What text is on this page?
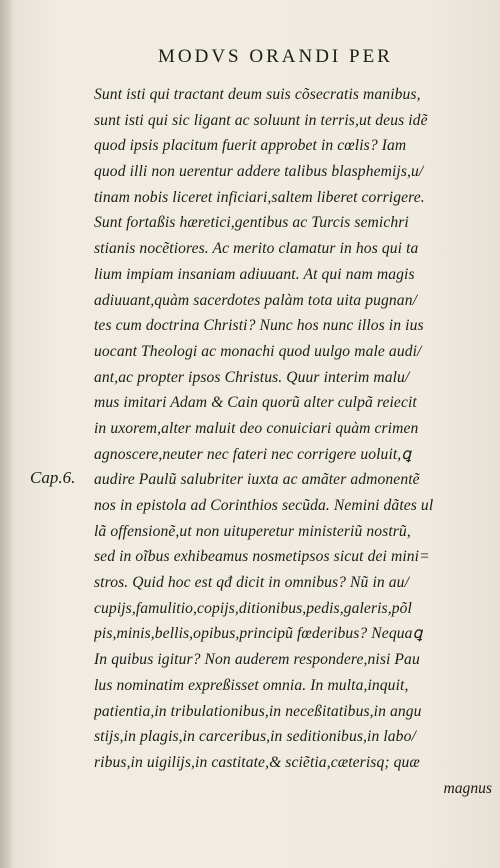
MODVS ORANDI PER
Cap.6.
Sunt isti qui tractant deum suis cõsecratis manibus,
sunt isti qui sic ligant ac soluunt in terris,ut deus idẽ
quod ipsis placitum fuerit approbet in cœlis? Iam
quod illi non uerentur addere talibus blasphemijs,u/
tinam nobis liceret inficiari,saltem liberet corrigere.
Sunt fortaßis hæretici,gentibus ac Turcis semichri
stianis nocẽtiores. Ac merito clamatur in hos qui ta
lium impiam insaniam adiuuant. At qui nam magis
adiuuant,quàm sacerdotes palàm tota uita pugnan/
tes cum doctrina Christi? Nunc hos nunc illos in ius
uocant Theologi ac monachi quod uulgo male audi/
ant,ac propter ipsos Christus. Quur interim malu/
mus imitari Adam & Cain quorũ alter culpã reiecit
in uxorem,alter maluit deo conuiciari quàm crimen
agnoscere,neuter nec fateri nec corrigere uoluit,ꝗ
audire Paulũ salubriter iuxta ac amãter admonentẽ
nos in epistola ad Corinthios secũda. Nemini dãtes ul
lã offensionẽ,ut non uituperetur ministeriũ nostrũ,
sed in oĩbus exhibeamus nosmetipsos sicut dei mini=
stros. Quid hoc est qđ dicit in omnibus? Nũ in au/
cupijs,famulitio,copijs,ditionibus,pedis,galeris,põl
pis,minis,bellis,opibus,principũ fœderibus? Nequaꝗ
In quibus igitur? Non auderem respondere,nisi Pau
lus nominatim expreßisset omnia. In multa,inquit,
patientia,in tribulationibus,in neceßitatibus,in angu
stijs,in plagis,in carceribus,in seditionibus,in labo/
ribus,in uigilijs,in castitate,& sciẽtia,cæterisq; quæ
magnus
